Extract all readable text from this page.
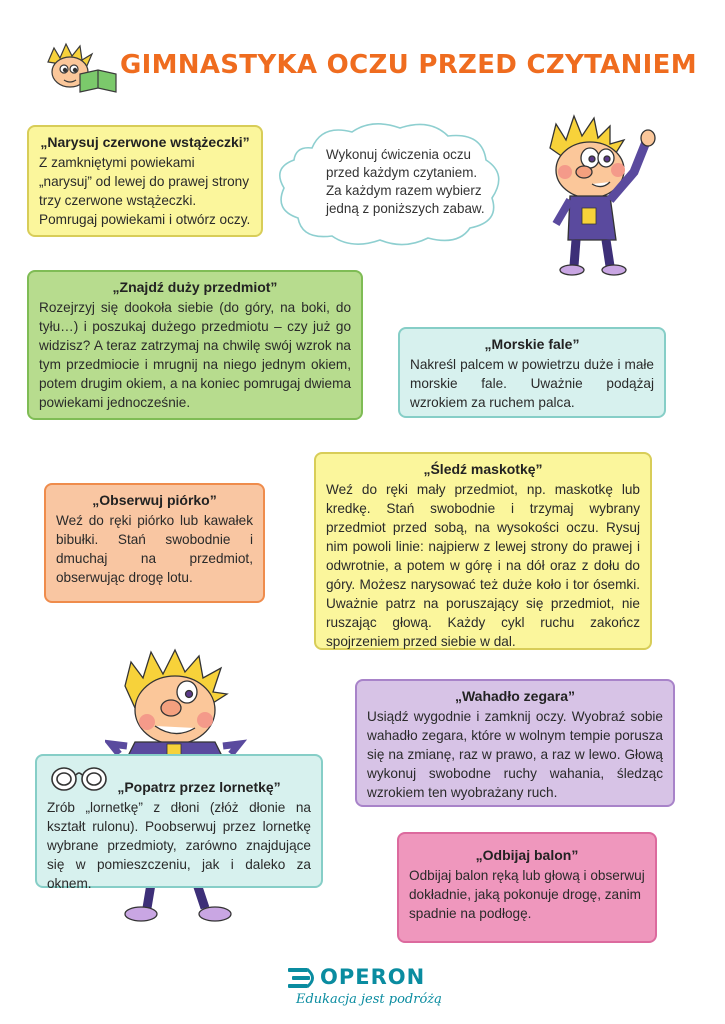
GIMNASTYKA OCZU PRZED CZYTANIEM
„Narysuj czerwone wstążeczki”

Z zamkniętymi powiekami „narysuj” od lewej do prawej strony trzy czerwone wstążeczki. Pomrugaj powiekami i otwórz oczy.

Wykonuj ćwiczenia oczu
przed każdym czytaniem.
Za każdym razem wybierz
jedną z poniższych zabaw.
„Znajdź duży przedmiot”

Rozejrzyj się dookoła siebie (do góry, na boki, do tyłu…) i poszukaj dużego przedmiotu – czy już go widzisz? A teraz zatrzymaj na chwilę swój wzrok na tym przedmiocie i mrugnij na niego jednym okiem, potem drugim okiem, a na koniec pomrugaj dwiema powiekami jednocześnie.

„Morskie fale”

Nakreśl palcem w powietrzu duże i małe morskie fale. Uważnie podążaj wzrokiem za ruchem palca.

„Obserwuj piórko”

Weź do ręki piórko lub kawałek bibułki. Stań swobodnie i dmuchaj na przedmiot, obserwując drogę lotu.

„Śledź maskotkę”

Weź do ręki mały przedmiot, np. maskotkę lub kredkę. Stań swobodnie i trzymaj wybrany przedmiot przed sobą, na wysokości oczu. Rysuj nim powoli linie: najpierw z lewej strony do prawej i odwrotnie, a potem w górę i na dół oraz z dołu do góry. Możesz narysować też duże koło i tor ósemki. Uważnie patrz na poruszający się przedmiot, nie ruszając głową. Każdy cykl ruchu zakończ spojrzeniem przed siebie w dal.

„Wahadło zegara”

Usiądź wygodnie i zamknij oczy. Wyobraź sobie wahadło zegara, które w wolnym tempie porusza się na zmianę, raz w prawo, a raz w lewo. Głową wykonuj swobodne ruchy wahania, śledząc wzrokiem ten wyobrażany ruch.

„Popatrz przez lornetkę”

Zrób „lornetkę” z dłoni (złóż dłonie na kształt rulonu). Poobserwuj przez lornetkę wybrane przedmioty, zarówno znajdujące się w pomieszczeniu, jak i daleko za oknem.

„Odbijaj balon”

Odbijaj balon ręką lub głową i obserwuj dokładnie, jaką pokonuje drogę, zanim spadnie na podłogę.

OPERON
Edukacja jest podróżą
